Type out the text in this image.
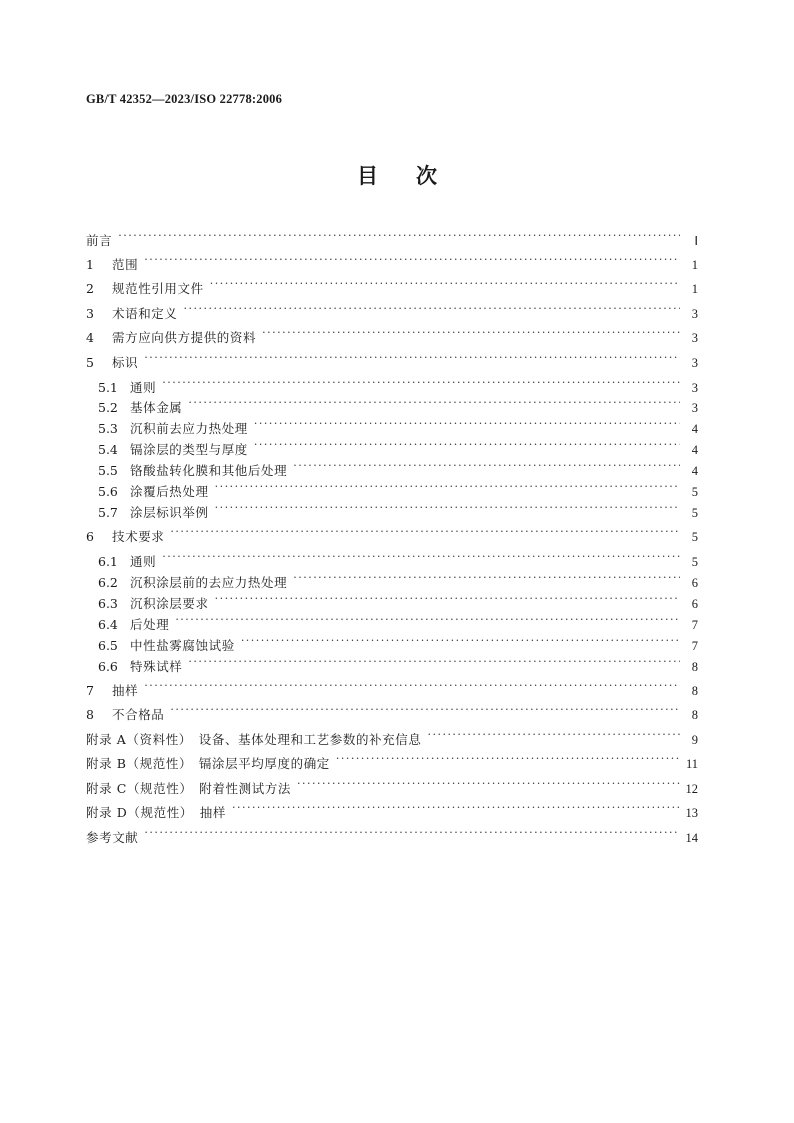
GB/T 42352—2023/ISO 22778:2006
目 次
前言 ·····	Ⅰ
1	范围 ·····	1
2	规范性引用文件 ·····	1
3	术语和定义 ·····	3
4	需方应向供方提供的资料 ·····	3
5	标识 ·····	3
5.1 通则 ·····	3
5.2 基体金属 ·····	3
5.3 沉积前去应力热处理 ·····	4
5.4 镉涂层的类型与厚度 ·····	4
5.5 铬酸盐转化膜和其他后处理 ·····	4
5.6 涂覆后热处理 ·····	5
5.7 涂层标识举例 ·····	5
6	技术要求 ·····	5
6.1 通则 ·····	5
6.2 沉积涂层前的去应力热处理 ·····	6
6.3 沉积涂层要求 ·····	6
6.4 后处理 ·····	7
6.5 中性盐雾腐蚀试验 ·····	7
6.6 特殊试样 ·····	8
7	抽样 ·····	8
8	不合格品 ·····	8
附录 A（资料性）　设备、基体处理和工艺参数的补充信息 ·····	9
附录 B（规范性）　镉涂层平均厚度的确定 ·····	11
附录 C（规范性）　附着性测试方法 ·····	12
附录 D（规范性）　抽样 ·····	13
参考文献 ·····	14
